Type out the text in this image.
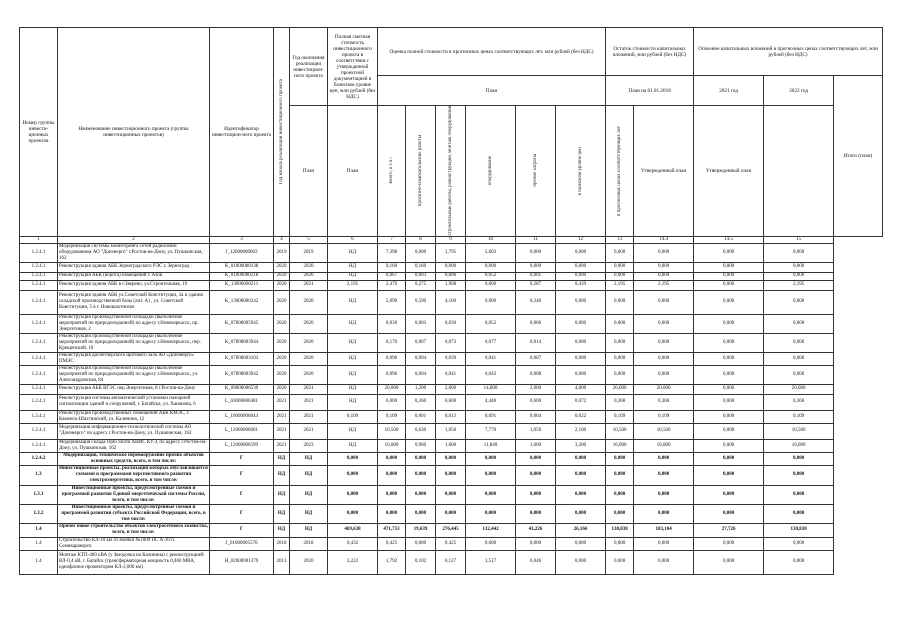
Номер группы инвести-ционных проектов	Наименование инвестиционного проекта (группы инвестиционных проектов)	Идентификатор инвестицион-ного проекта	Год начала реализации инвестиционного проекта	Год окончания реализации инвестицион-ного проекта	Полная сметная стоимость инвестиционного проекта в соответствии с утвержденной проектной документацией в базисном уровне цен, млн рублей (без НДС)	Оценка полной стоимости в прогнозных ценах соответствующих лет, млн рублей (без НДС)						Остаток стоимости капитальных вложений, млн рублей (без НДС)		Освоение капитальных вложений в прогнозных ценах соответствующих лет, млн рублей (без НДС)		
						План						План на 01.01.2018		2021 год	2022 год	Итого (план)
				План	План	Всего, в т.ч.:	проектно-изыскательские работы	строительные работы, реконструкция, монтаж оборудования	оборудование	прочие затраты	в базисном уровне цен	в прогнозных ценах соответствующих лет	Утвержденный план	Утвержденный план		
1	2	3	4	5	6	7	8	9	10	11	12	13	14.4	14.5	15	
1.2.4.1	Модернизация системы мониторинга сетей радиосвязи оборудованием АО "Донэнерго" г.Ростов-на-Дону, ул. Пушкинская, 162	J_12000000003	2019	2019	НД	7,398	0,000	1,795	5,603	0,000	0,000	0,000	0,000	0,000	0,000	
1.2.4.1	Реконструкция здания АБК Зерноградского РЭС г. Зерноград	K_01000000138	2020	2020	НД	0,160	0,160	0,000	0,000	0,000	0,000	0,000	0,000	0,000	0,000	
1.2.4.1	Реконструкция АБК (ворота) помещений г. Азов	K_01000000218	2020	2020	НД	0,067	0,003	0,006	0,052	0,001	0,000	0,000	0,000	0,000	0,000	
1.2.4.1	Реконструкция здания АБК в г.Зверево, ул.Строительная, 19	K_13000000211	2020	2021	2,195	2,470	0,275	1,908	0,000	0,287	0,439	2,195	2,195	0,000	2,195	
1.2.4.1	Реконструкция здания АБК ул.Советской Конституции, 3а и здания складской производственной базы (лит. А) , ул. Советской Конституции, 5 в г. Новошахтинске	K_13000000242	2020	2020	НД	5,090	0,590	4,160	0,000	0,340	0,000	0,000	0,000	0,000	0,000	
1.2.4.1	Реконструкция производственной площадки (выполнение мероприятий по природоохранной) по адресу г.Новочеркасск, пр. Энергетиков, 2	K_07000005945	2020	2020	НД	0,030	0,003	0,030	0,052	0,006	0,000	0,000	0,000	0,000	0,000	
1.2.4.1	Реконструкция производственной площадки (выполнение мероприятий по природоохранной) по адресу г.Новочеркасск, пер. Крещенский, 10	K_07000003944	2020	2020	НД	0,170	0,007	0,073	0,077	0,014	0,000	0,000	0,000	0,000	0,000	
1.2.4.1	Реконструкция диспетчерского щитового зала АО «Донэнерго» ПМЭС	K_07000003103	2020	2020	НД	0,090	0,004	0,039	0,041	0,007	0,000	0,000	0,000	0,000	0,000	
1.2.4.1	Реконструкция производственной площадки (выполнение мероприятий по природоохранной) по адресу г.Новочеркасск, ул. Александровская, 84	K_07000003942	2020	2020	НД	0,096	0,004	0,041	0,043	0,008	0,000	0,000	0,000	0,000	0,000	
1.2.4.1	Реконструкция АБК ВГЭС пер.Энергетиков, 8 г.Ростов-на-Дону	K_09000006539	2020	2021	НД	20,000	1,200	2,000	14,800	2,000	4,000	20,000	20,000	0,000	20,000	
1.2.4.1	Реконструкция системы автоматической установки пожарной сигнализации зданий и сооружений, г. Батайска, ул. Хананова, 6	L_03000006481	2021	2021	НД	6,000	0,360	0,600	4,440	0,600	0,072	0,360	0,360	0,000	0,360	
1.2.4.1	Реконструкция производственных помещений АБК КМЭС, г. Каменск-Шахтинский, ул. Калинина, 12	L_10000006644	2021	2021	0,109	0,109	0,001	0,013	0,091	0,004	0,022	0,109	0,109	0,000	0,109	
1.2.4.1	Модернизация информационно-технологической системы АО "Донэнерго" по адресу г.Ростов-на-Дону, ул. Пушкинская, 162	L_12000006601	2021	2021	НД	10,500	0,630	1,050	7,770	1,050	2,100	10,500	10,500	0,000	10,500	
1.2.4.1	Модернизация склада Opto Storm АНИС КУЭ, по адресу г.Ростов-на-Дону, ул. Пушкинская, 162	L_12000006599	2021	2023	НД	16,000	0,960	1,600	11,840	1,600	3,200	16,000	16,000	0,000	16,000	
1.2.4.2	Модернизация, техническое перевооружение прочих объектов основных средств, всего, в том числе:	Г	НД	НД	0,000	0,000	0,000	0,000	0,000	0,000	0,000	0,000	0,000	0,000	0,000	
1.3	Инвестиционные проекты, реализация которых обуславливается схемами и программами перспективного развития электроэнергетики, всего, в том числе:	Г	НД	НД	0,000	0,000	0,000	0,000	0,000	0,000	0,000	0,000	0,000	0,000	0,000	
1.3.1	Инвестиционные проекты, предусмотренные схемой и программой развития Единой энергетической системы России, всего, в том числе:	Г	НД	НД	0,000	0,000	0,000	0,000	0,000	0,000	0,000	0,000	0,000	0,000	0,000	
1.3.2	Инвестиционные проекты, предусмотренные схемой и программой развития субъекта Российской Федерации, всего, в том числе:	Г	НД	НД	0,000	0,000	0,000	0,000	0,000	0,000	0,000	0,000	0,000	0,000	0,000	
1.4	Прочее новое строительство объектов электросетевого хозяйства, всего, в том числе:	Г	НД	НД	469,638	471,753	19,639	276,445	132,442	43,226	26,166	130,830	103,104	27,726	130,830	
1.4	Строительство КЛ-10 кВ от ячейки №1009 ПС А-10 п. Семикаракорск	J_01000005576	2018	2018	0,432	0,425	0,000	0,425	0,000	0,000	0,000	0,000	0,000	0,000	0,000	
1.4	Монтаж КТП-400 кВА (у Звездочка на Калинина) с реконструкцией ВЛ-0,4 кВ, г. Батайск (трансформаторная мощность 0,400 МВА, однофазное прожектором КЛ-2,000 км)	H_02000001379	2013	2020	2,222	1,792	0,102	0,127	1,517	0,046	0,000	0,000	0,000	0,000	0,000	
